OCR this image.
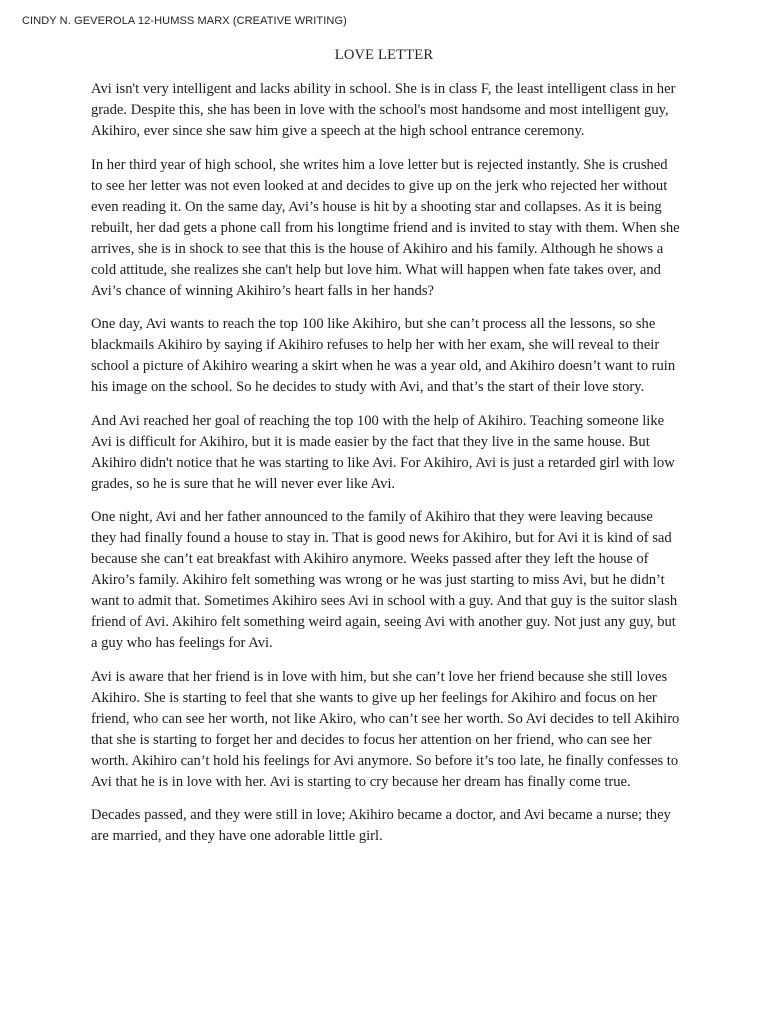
CINDY N. GEVEROLA 12-HUMSS MARX (CREATIVE WRITING)
LOVE LETTER

Avi isn't very intelligent and lacks ability in school. She is in class F, the least intelligent class in her grade. Despite this, she has been in love with the school's most handsome and most intelligent guy, Akihiro, ever since she saw him give a speech at the high school entrance ceremony.

In her third year of high school, she writes him a love letter but is rejected instantly. She is crushed to see her letter was not even looked at and decides to give up on the jerk who rejected her without even reading it. On the same day, Avi’s house is hit by a shooting star and collapses. As it is being rebuilt, her dad gets a phone call from his longtime friend and is invited to stay with them. When she arrives, she is in shock to see that this is the house of Akihiro and his family. Although he shows a cold attitude, she realizes she can't help but love him. What will happen when fate takes over, and Avi’s chance of winning Akihiro’s heart falls in her hands?

One day, Avi wants to reach the top 100 like Akihiro, but she can’t process all the lessons, so she blackmails Akihiro by saying if Akihiro refuses to help her with her exam, she will reveal to their school a picture of Akihiro wearing a skirt when he was a year old, and Akihiro doesn’t want to ruin his image on the school. So he decides to study with Avi, and that’s the start of their love story.

And Avi reached her goal of reaching the top 100 with the help of Akihiro. Teaching someone like Avi is difficult for Akihiro, but it is made easier by the fact that they live in the same house. But Akihiro didn't notice that he was starting to like Avi. For Akihiro, Avi is just a retarded girl with low grades, so he is sure that he will never ever like Avi.

One night, Avi and her father announced to the family of Akihiro that they were leaving because they had finally found a house to stay in. That is good news for Akihiro, but for Avi it is kind of sad because she can’t eat breakfast with Akihiro anymore. Weeks passed after they left the house of Akiro’s family. Akihiro felt something was wrong or he was just starting to miss Avi, but he didn’t want to admit that. Sometimes Akihiro sees Avi in school with a guy. And that guy is the suitor slash friend of Avi. Akihiro felt something weird again, seeing Avi with another guy. Not just any guy, but a guy who has feelings for Avi.

Avi is aware that her friend is in love with him, but she can’t love her friend because she still loves Akihiro. She is starting to feel that she wants to give up her feelings for Akihiro and focus on her friend, who can see her worth, not like Akiro, who can’t see her worth. So Avi decides to tell Akihiro that she is starting to forget her and decides to focus her attention on her friend, who can see her worth. Akihiro can’t hold his feelings for Avi anymore. So before it’s too late, he finally confesses to Avi that he is in love with her. Avi is starting to cry because her dream has finally come true.

Decades passed, and they were still in love; Akihiro became a doctor, and Avi became a nurse; they are married, and they have one adorable little girl.
